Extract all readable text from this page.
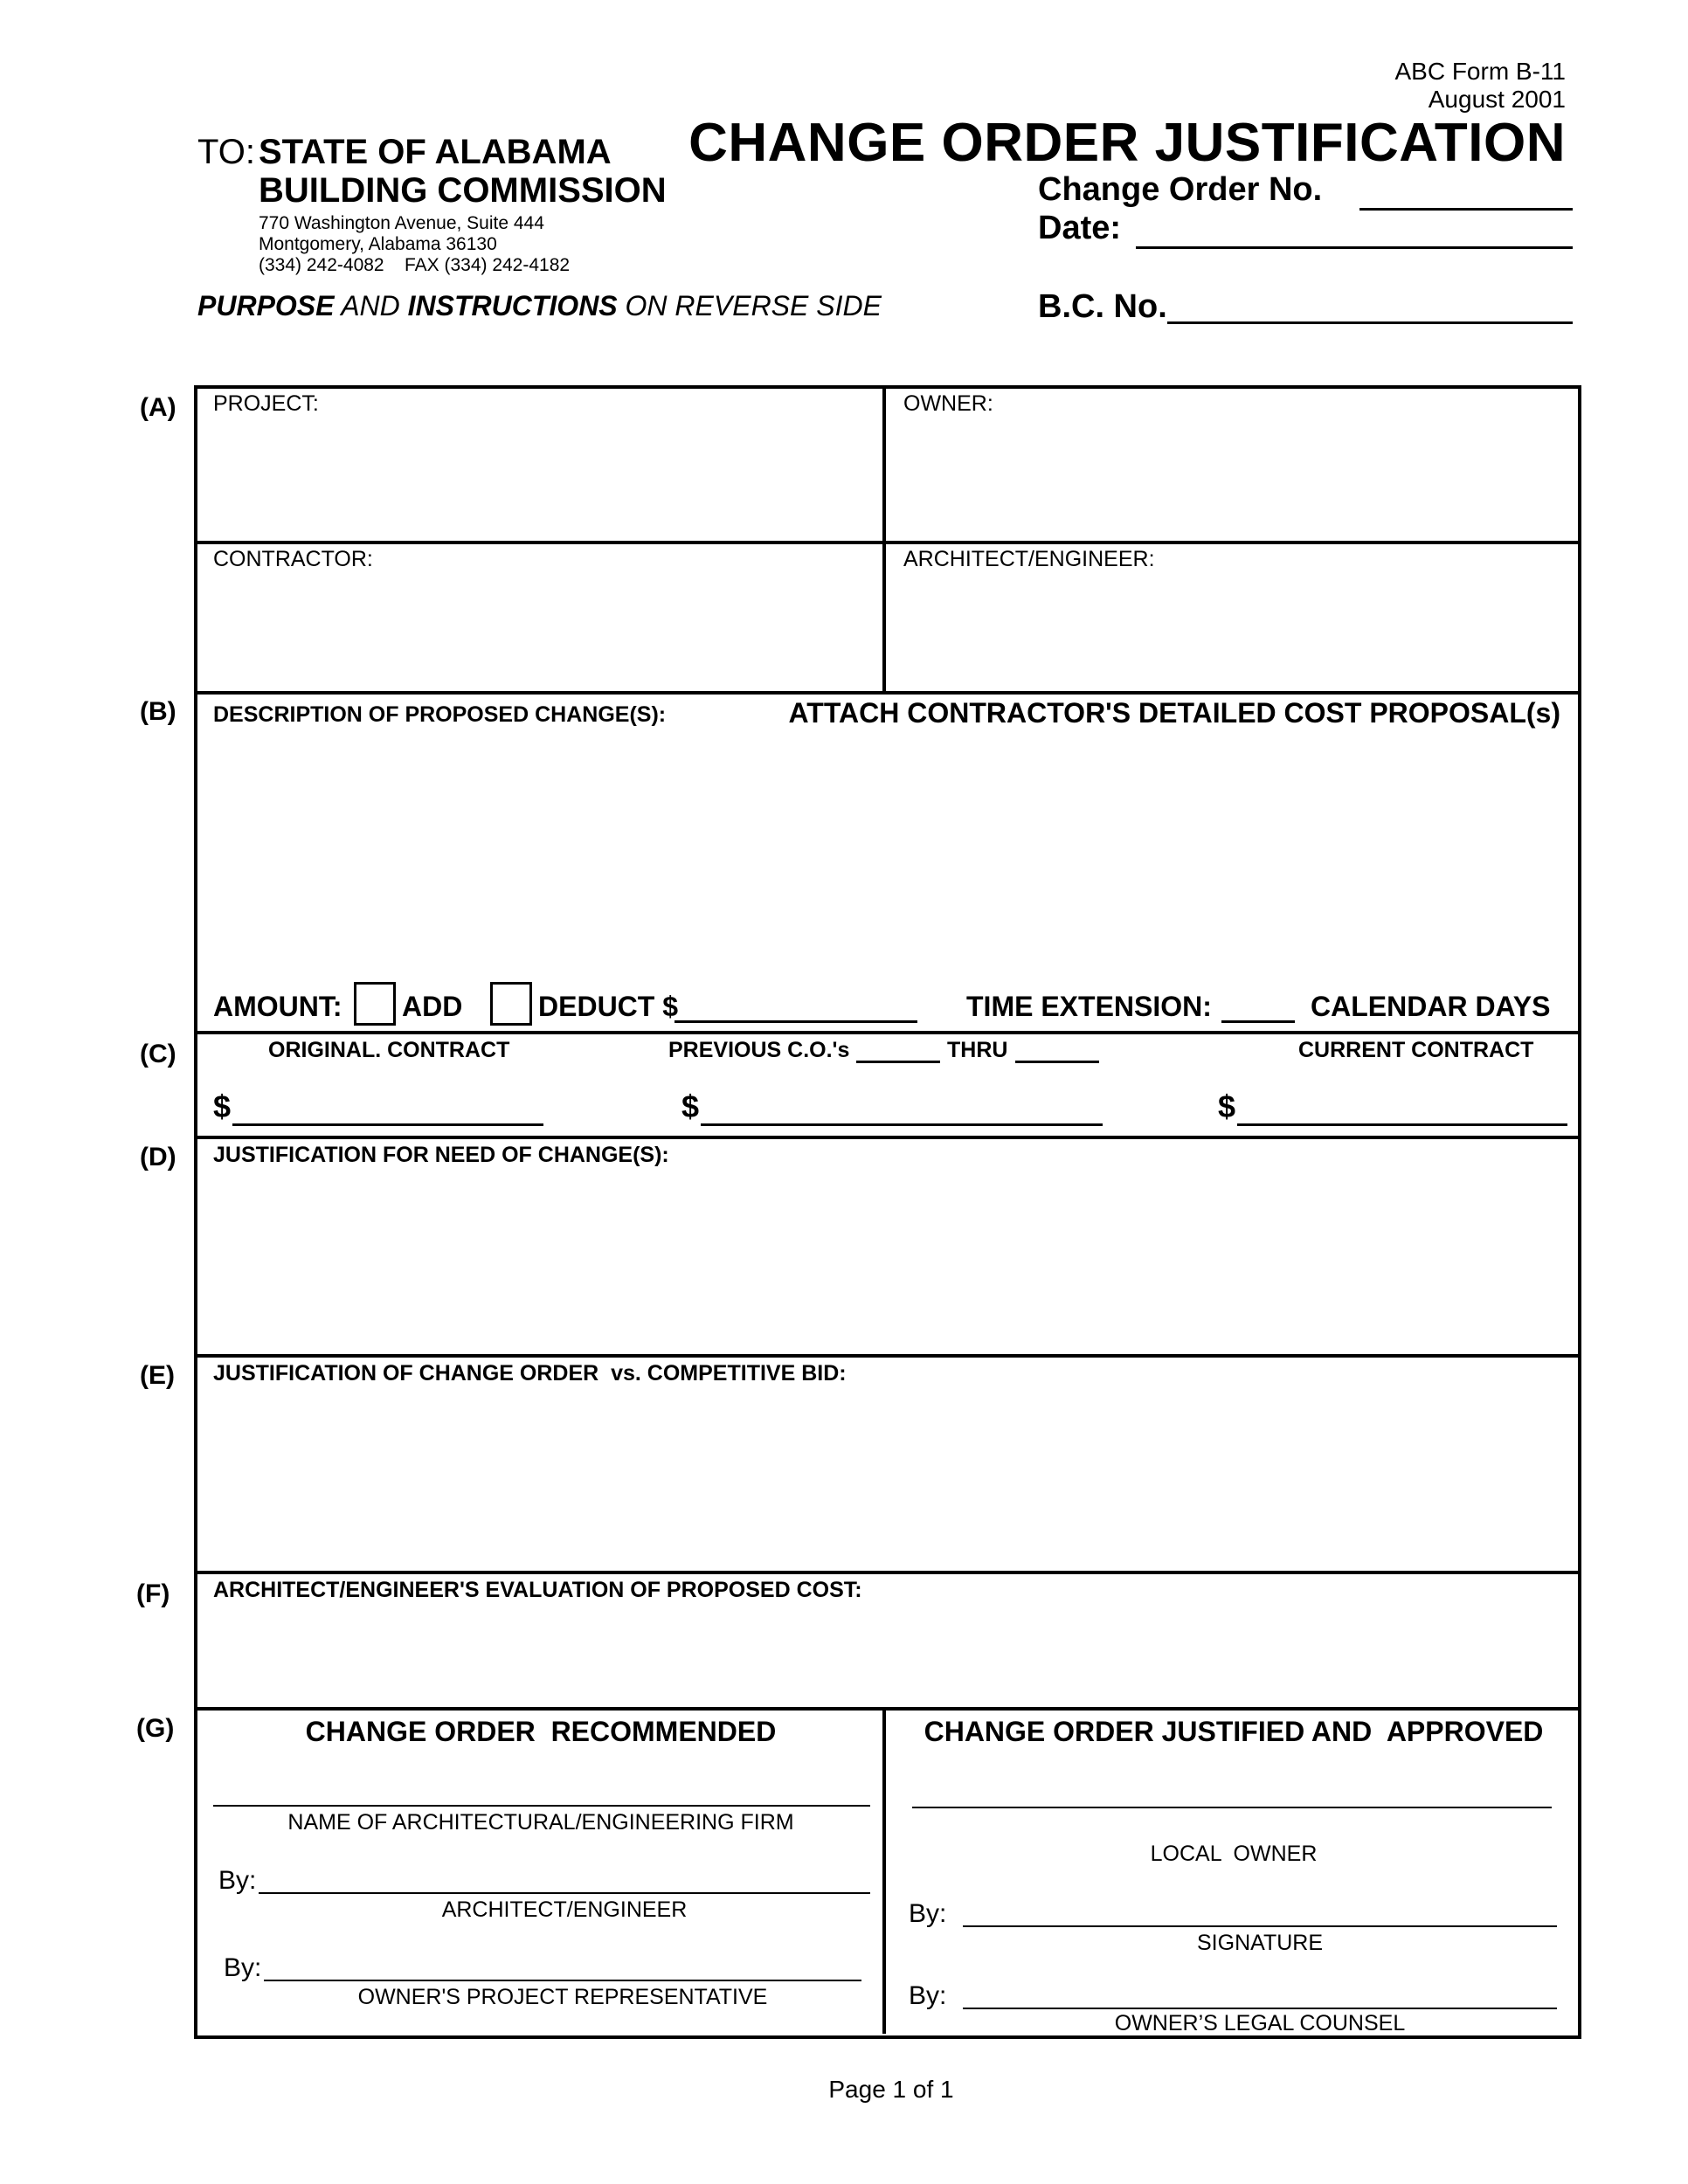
ABC Form B-11
August 2001
CHANGE ORDER JUSTIFICATION
TO: STATE OF ALABAMA
BUILDING COMMISSION
770 Washington Avenue, Suite 444
Montgomery, Alabama 36130
(334) 242-4082    FAX (334) 242-4182
Change Order No.
Date:
PURPOSE AND INSTRUCTIONS ON REVERSE SIDE	B.C. No.
(A)
(B)
(C)
(D)
(E)
(F)
(G)
PROJECT:	OWNER:
CONTRACTOR:	ARCHITECT/ENGINEER:
DESCRIPTION OF PROPOSED CHANGE(S):	ATTACH CONTRACTOR'S DETAILED COST PROPOSAL(s)
AMOUNT: ADD	DEDUCT $	TIME EXTENSION:	CALENDAR DAYS
ORIGINAL. CONTRACT	PREVIOUS C.O.'s	THRU	CURRENT CONTRACT
$	$	$
JUSTIFICATION FOR NEED OF CHANGE(S):
JUSTIFICATION OF CHANGE ORDER  vs. COMPETITIVE BID:
ARCHITECT/ENGINEER'S EVALUATION OF PROPOSED COST:
CHANGE ORDER  RECOMMENDED	CHANGE ORDER JUSTIFIED AND  APPROVED
NAME OF ARCHITECTURAL/ENGINEERING FIRM
By:
ARCHITECT/ENGINEER
By:
OWNER'S PROJECT REPRESENTATIVE
LOCAL  OWNER
By:
SIGNATURE
By:
OWNER’S LEGAL COUNSEL
Page 1 of 1
